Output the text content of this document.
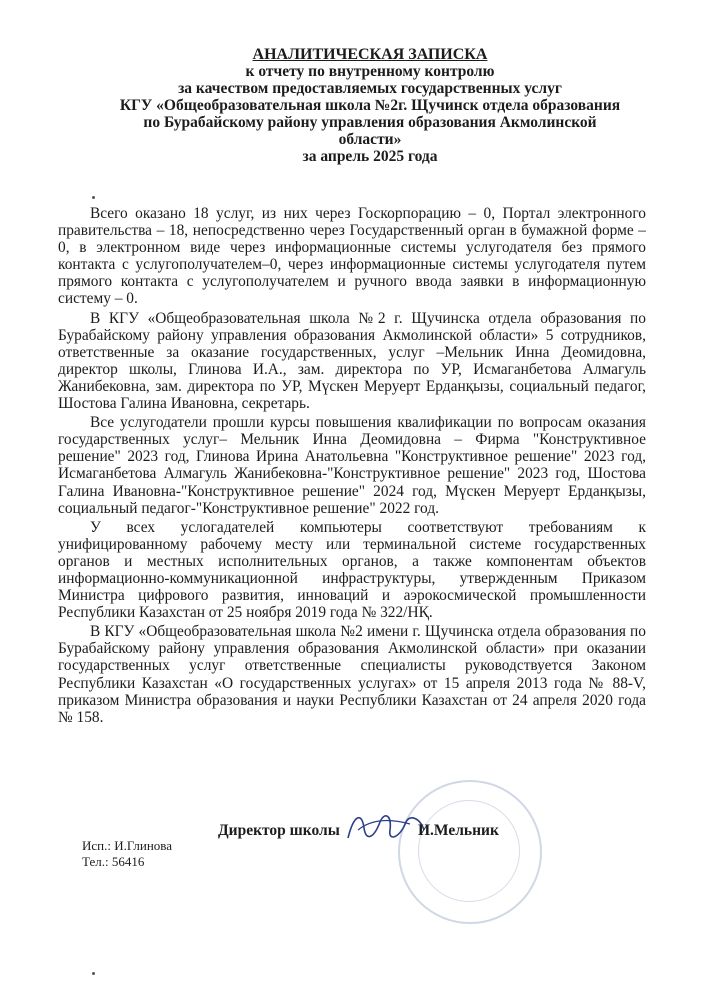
АНАЛИТИЧЕСКАЯ ЗАПИСКА
к отчету по внутренному контролю
за качеством предоставляемых государственных услуг
КГУ «Общеобразовательная школа №2г. Щучинск отдела образования
по Бурабайскому району управления образования Акмолинской
области»
за апрель 2025 года

Всего оказано 18 услуг, из них через Госкорпорацию – 0, Портал электронного правительства – 18, непосредственно через Государственный орган в бумажной форме –0, в электронном виде через информационные системы услугодателя без прямого контакта с услугополучателем–0, через информационные системы услугодателя путем прямого контакта с услугополучателем и ручного ввода заявки в информационную систему – 0.

В КГУ «Общеобразовательная школа №2 г. Щучинска отдела образования по Бурабайскому району управления образования Акмолинской области» 5 сотрудников, ответственные за оказание государственных, услуг –Мельник Инна Деомидовна, директор школы, Глинова И.А., зам. директора по УР, Исмаганбетова Алмагуль Жанибековна, зам. директора по УР, Мүскен Меруерт Ерданқызы, социальный педагог, Шостова Галина Ивановна, секретарь.

Все услугодатели прошли курсы повышения квалификации по вопросам оказания государственных услуг– Мельник Инна Деомидовна – Фирма "Конструктивное решение" 2023 год, Глинова Ирина Анатольевна "Конструктивное решение" 2023 год, Исмаганбетова Алмагуль Жанибековна-"Конструктивное решение" 2023 год, Шостова Галина Ивановна-"Конструктивное решение" 2024 год, Мүскен Меруерт Ерданқызы, социальный педагог-"Конструктивное решение" 2022 год.

У всех услогадателей компьютеры соответствуют требованиям к унифицированному рабочему месту или терминальной системе государственных органов и местных исполнительных органов, а также компонентам объектов информационно-коммуникационной инфраструктуры, утвержденным Приказом Министра цифрового развития, инноваций и аэрокосмической промышленности Республики Казахстан от 25 ноября 2019 года № 322/НҚ.

В КГУ «Общеобразовательная школа №2 имени г. Щучинска отдела образования по Бурабайскому району управления образования Акмолинской области» при оказании государственных услуг ответственные специалисты руководствуется Законом Республики Казахстан «О государственных услугах» от 15 апреля 2013 года № 88-V, приказом Министра образования и науки Республики Казахстан от 24 апреля 2020 года № 158.

Директор школы	И.Мельник
Исп.: И.Глинова
Тел.: 56416
